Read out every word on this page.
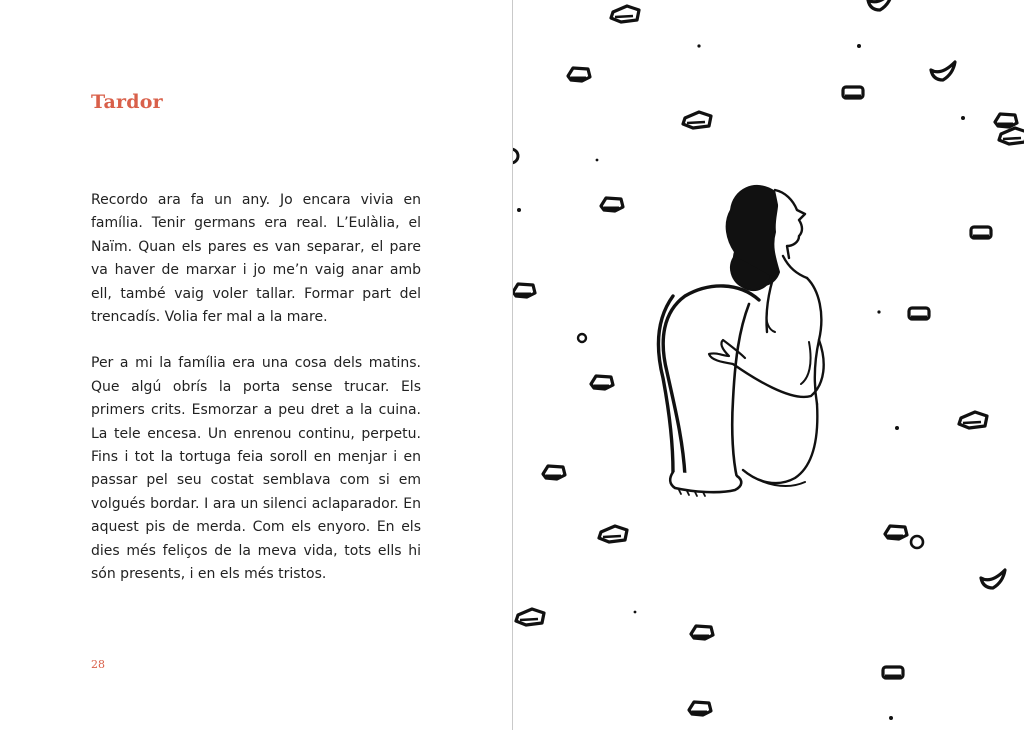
Tardor

Recordo ara fa un any. Jo encara vivia en família. Tenir germans era real. L’Eulàlia, el Naïm. Quan els pares es van separar, el pare va haver de marxar i jo me’n vaig anar amb ell, també vaig voler tallar. Formar part del trencadís. Volia fer mal a la mare.

Per a mi la família era una cosa dels matins. Que algú obrís la porta sense trucar. Els primers crits. Esmorzar a peu dret a la cuina. La tele encesa. Un enrenou continu, perpetu. Fins i tot la tortuga feia soroll en menjar i en passar pel seu costat semblava com si em volgués bordar. I ara un silenci aclaparador. En aquest pis de merda. Com els enyoro. En els dies més feliços de la meva vida, tots ells hi són presents, i en els més tristos.

28
